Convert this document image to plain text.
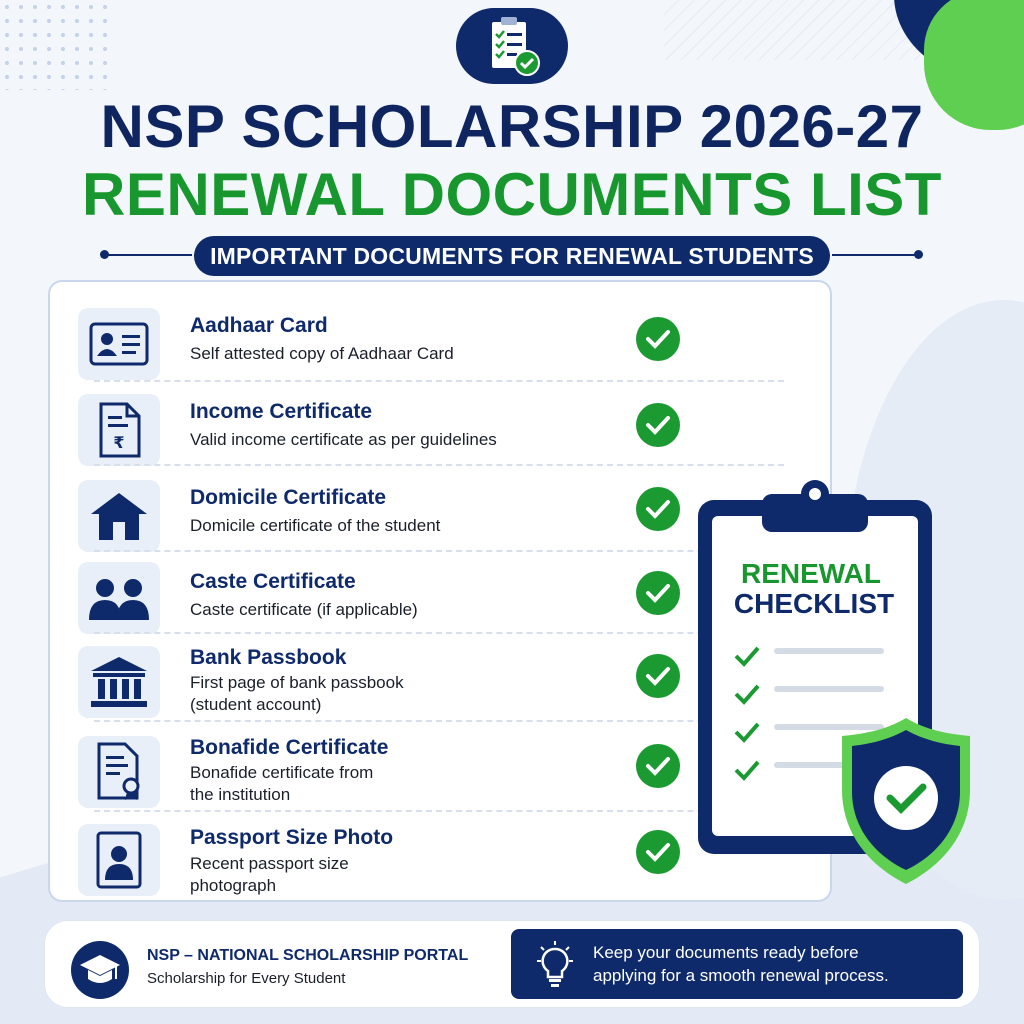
NSP SCHOLARSHIP 2026-27
RENEWAL DOCUMENTS LIST
IMPORTANT DOCUMENTS FOR RENEWAL STUDENTS
Aadhaar Card
Self attested copy of Aadhaar Card
₹
Income Certificate
Valid income certificate as per guidelines
Domicile Certificate
Domicile certificate of the student
Caste Certificate
Caste certificate (if applicable)
Bank Passbook
First page of bank passbook
(student account)
Bonafide Certificate
Bonafide certificate from
the institution
Passport Size Photo
Recent passport size
photograph
RENEWAL
CHECKLIST
NSP – NATIONAL SCHOLARSHIP PORTAL
Scholarship for Every Student
Keep your documents ready before
applying for a smooth renewal process.
